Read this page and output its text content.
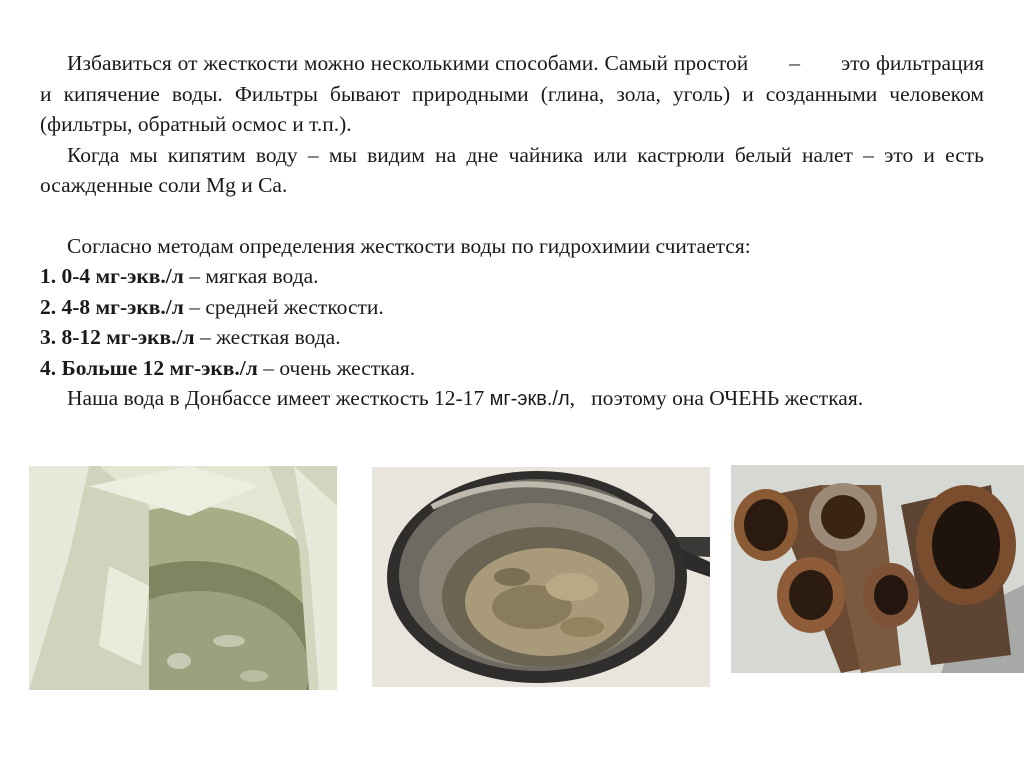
Избавиться от жесткости можно несколькими способами. Самый простой       –       это фильтрация и кипячение воды. Фильтры бывают природными (глина, зола, уголь) и созданными человеком (фильтры, обратный осмос и т.п.).

Когда мы кипятим воду – мы видим на дне чайника или кастрюли белый налет – это и есть осажденные соли Mg и Ca.

Согласно методам определения жесткости воды по гидрохимии считается:

1. 0-4 мг-экв./л – мягкая вода.

2. 4-8 мг-экв./л – средней жесткости.

3. 8-12 мг-экв./л – жесткая вода.

4. Больше 12 мг-экв./л – очень жесткая.

Наша вода в Донбассе имеет жесткость 12-17 мг-экв./л,   поэтому она ОЧЕНЬ жесткая.
